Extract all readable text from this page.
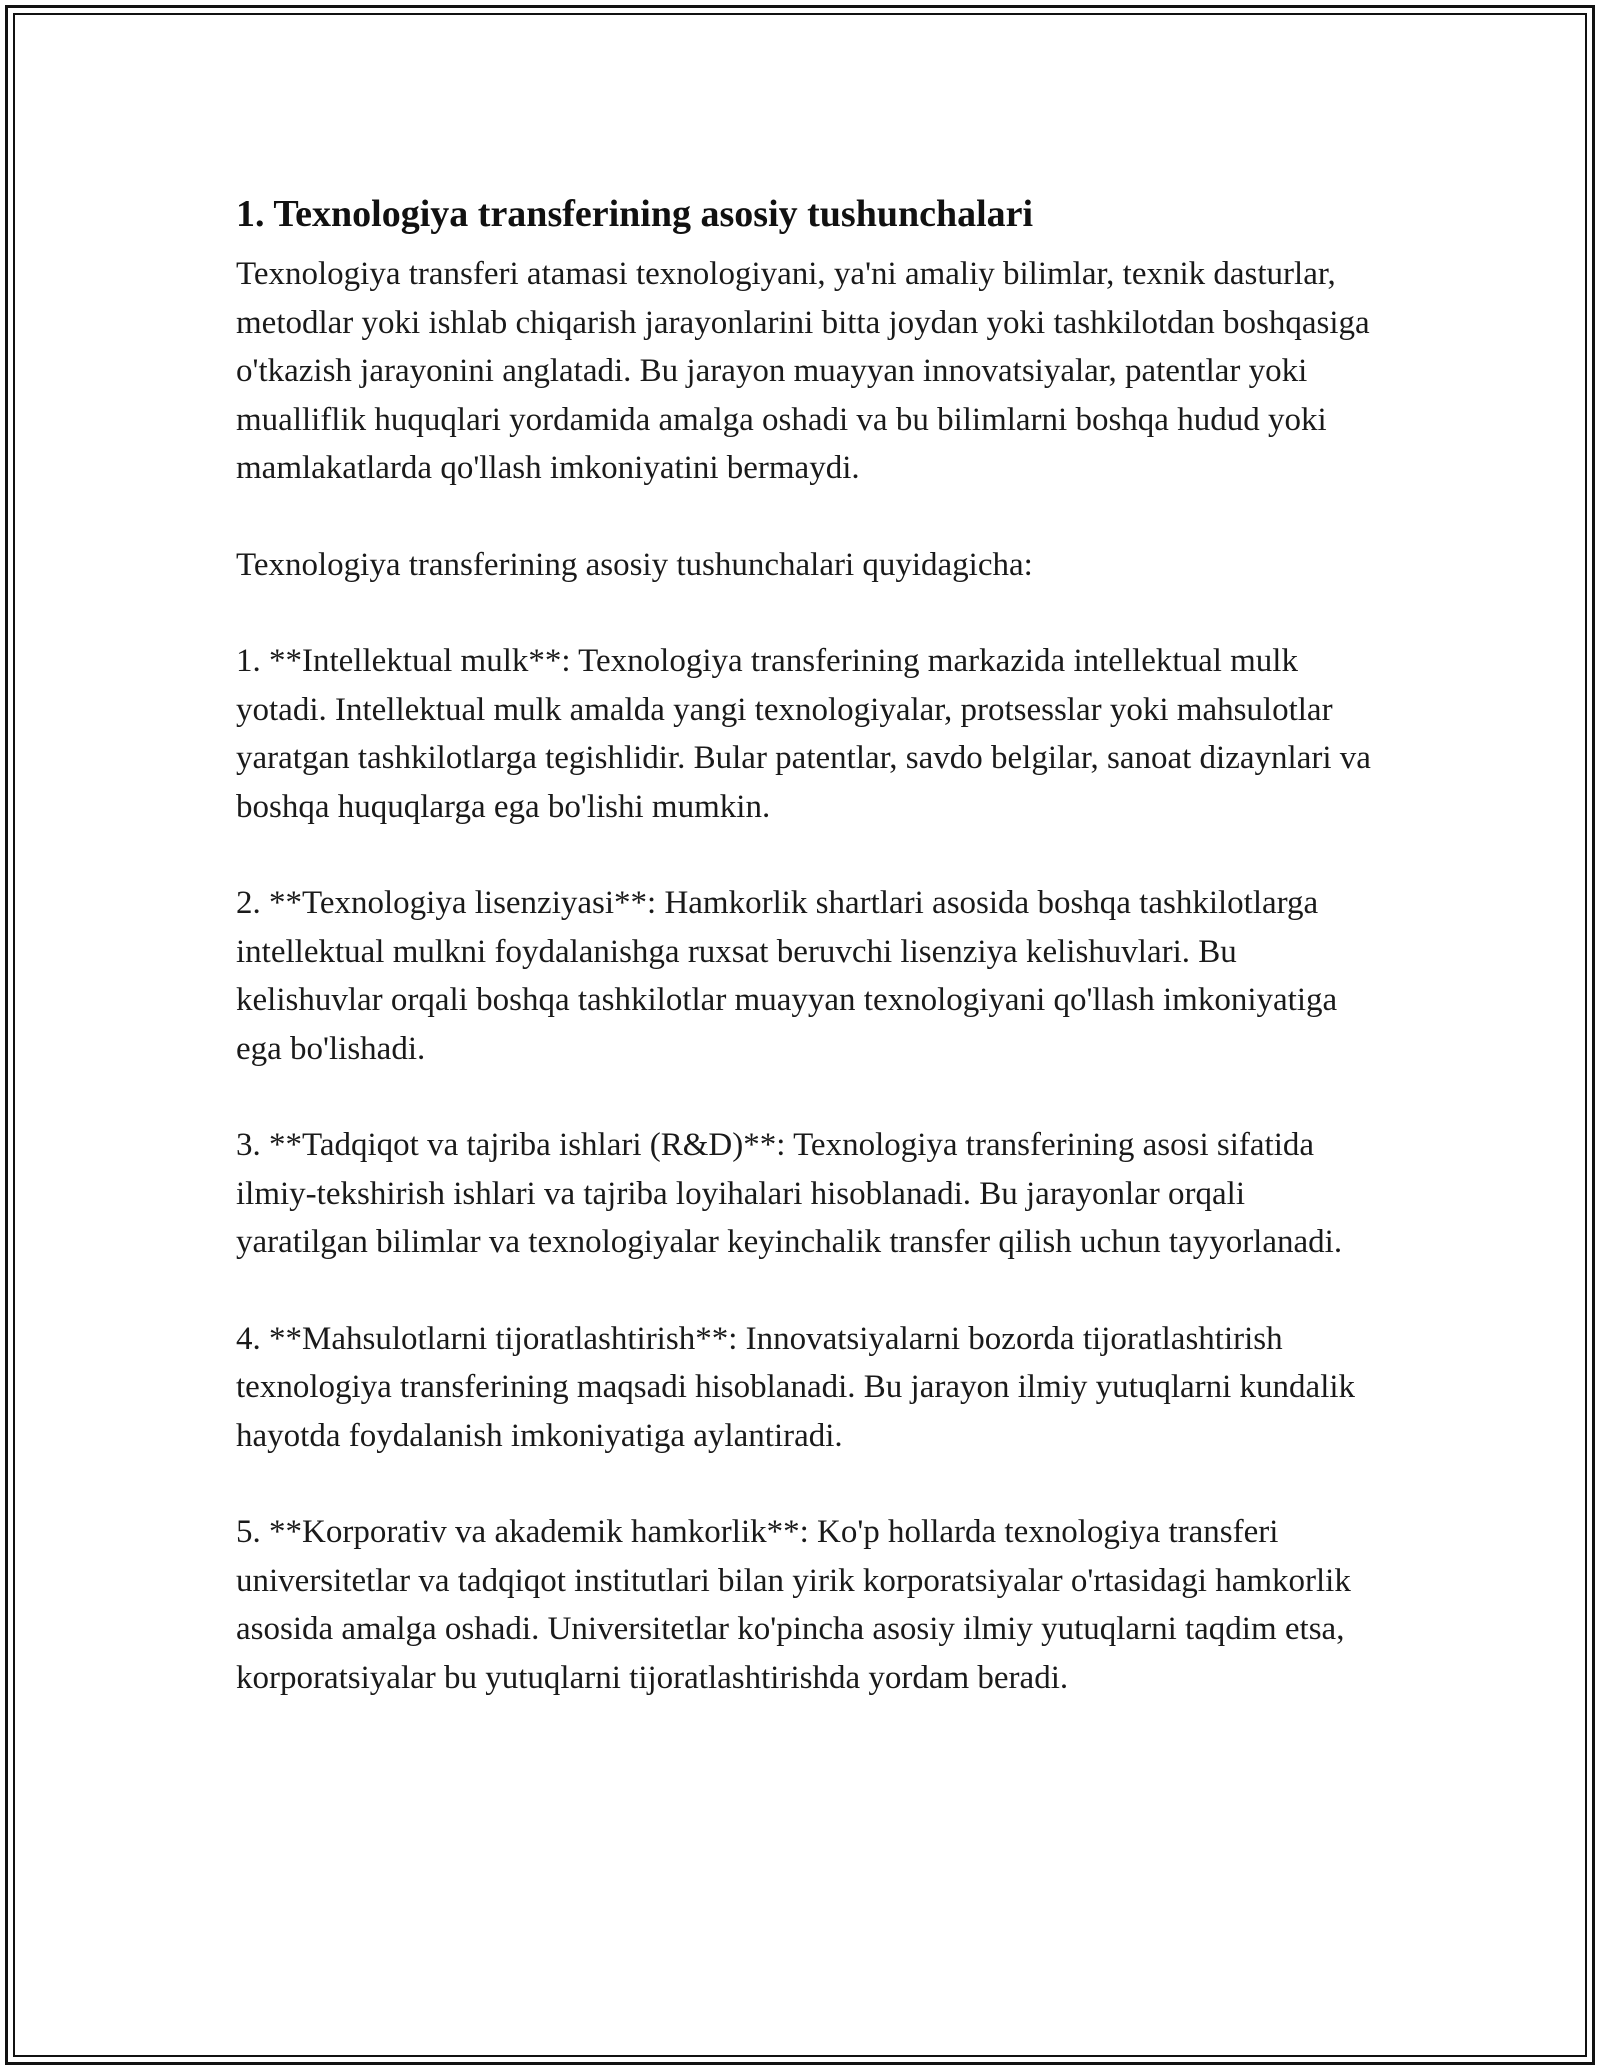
1. Texnologiya transferining asosiy tushunchalari

Texnologiya transferi atamasi texnologiyani, ya'ni amaliy bilimlar, texnik dasturlar, metodlar yoki ishlab chiqarish jarayonlarini bitta joydan yoki tashkilotdan boshqasiga o'tkazish jarayonini anglatadi. Bu jarayon muayyan innovatsiyalar, patentlar yoki mualliflik huquqlari yordamida amalga oshadi va bu bilimlarni boshqa hudud yoki mamlakatlarda qo'llash imkoniyatini bermaydi.

Texnologiya transferining asosiy tushunchalari quyidagicha:

1. **Intellektual mulk**: Texnologiya transferining markazida intellektual mulk yotadi. Intellektual mulk amalda yangi texnologiyalar, protsesslar yoki mahsulotlar yaratgan tashkilotlarga tegishlidir. Bular patentlar, savdo belgilar, sanoat dizaynlari va boshqa huquqlarga ega bo'lishi mumkin.

2. **Texnologiya lisenziyasi**: Hamkorlik shartlari asosida boshqa tashkilotlarga intellektual mulkni foydalanishga ruxsat beruvchi lisenziya kelishuvlari. Bu kelishuvlar orqali boshqa tashkilotlar muayyan texnologiyani qo'llash imkoniyatiga ega bo'lishadi.

3. **Tadqiqot va tajriba ishlari (R&D)**: Texnologiya transferining asosi sifatida ilmiy-tekshirish ishlari va tajriba loyihalari hisoblanadi. Bu jarayonlar orqali yaratilgan bilimlar va texnologiyalar keyinchalik transfer qilish uchun tayyorlanadi.

4. **Mahsulotlarni tijoratlashtirish**: Innovatsiyalarni bozorda tijoratlashtirish texnologiya transferining maqsadi hisoblanadi. Bu jarayon ilmiy yutuqlarni kundalik hayotda foydalanish imkoniyatiga aylantiradi.

5. **Korporativ va akademik hamkorlik**: Ko'p hollarda texnologiya transferi universitetlar va tadqiqot institutlari bilan yirik korporatsiyalar o'rtasidagi hamkorlik asosida amalga oshadi. Universitetlar ko'pincha asosiy ilmiy yutuqlarni taqdim etsa, korporatsiyalar bu yutuqlarni tijoratlashtirishda yordam beradi.
